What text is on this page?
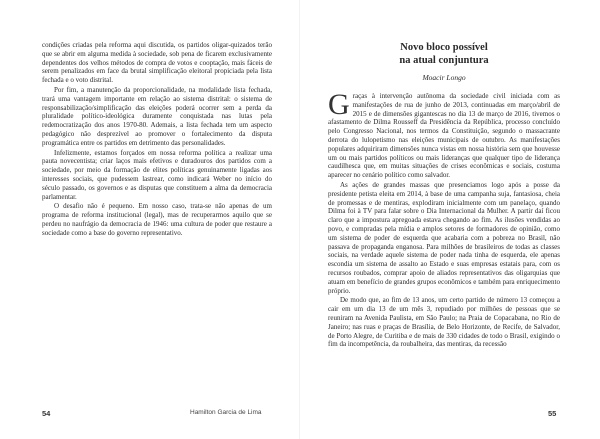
condições criadas pela reforma aqui discutida, os partidos oligar-quizados terão que se abrir em alguma medida à sociedade, sob pena de ficarem exclusivamente dependentes dos velhos métodos de compra de votos e cooptação, mais fáceis de serem penalizados em face da brutal simplificação eleitoral propiciada pela lista fechada e o voto distrital.

Por fim, a manutenção da proporcionalidade, na modalidade lista fechada, trará uma vantagem importante em relação ao sistema distrital: o sistema de responsabilização/simplificação das eleições poderá ocorrer sem a perda da pluralidade político-ideológica duramente conquistada nas lutas pela redemocratização dos anos 1970-80. Ademais, a lista fechada tem um aspecto pedagógico não desprezível ao promover o fortalecimento da disputa programática entre os partidos em detrimento das personalidades.

Infelizmente, estamos forçados em nossa reforma política a realizar uma pauta novecentista; criar laços mais efetivos e duradouros dos partidos com a sociedade, por meio da formação de elites políticas genuinamente ligadas aos interesses sociais, que pudessem lastrear, como indicará Weber no início do século passado, os governos e as disputas que constituem a alma da democracia parlamentar.

O desafio não é pequeno. Em nosso caso, trata-se não apenas de um programa de reforma institucional (legal), mas de recuperarmos aquilo que se perdeu no naufrágio da democracia de 1946: uma cultura de poder que restaure a sociedade como a base do governo representativo.

Novo bloco possível
na atual conjuntura
Moacir Longo

Graças à intervenção autônoma da sociedade civil iniciada com as manifestações de rua de junho de 2013, continuadas em março/abril de 2015 e de dimensões gigantescas no dia 13 de março de 2016, tivemos o afastamento de Dilma Rousseff da Presidência da República, processo concluído pelo Congresso Nacional, nos termos da Constituição, segundo o massacrante derrota do lulopetismo nas eleições municipais de outubro. As manifestações populares adquiriram dimensões nunca vistas em nossa história sem que houvesse um ou mais partidos políticos ou mais lideranças que qualquer tipo de liderança caudilhesca que, em muitas situações de crises econômicas e sociais, costuma aparecer no cenário político como salvador.

As ações de grandes massas que presenciamos logo após a posse da presidente petista eleita em 2014, à base de uma campanha suja, fantasiosa, cheia de promessas e de mentiras, explodiram inicialmente com um panelaço, quando Dilma foi à TV para falar sobre o Dia Internacional da Mulher. A partir daí ficou claro que a impostura apregoada estava chegando ao fim. As ilusões vendidas ao povo, e compradas pela mídia e amplos setores de formadores de opinião, como um sistema de poder de esquerda que acabaria com a pobreza no Brasil, não passava de propaganda enganosa. Para milhões de brasileiros de todas as classes sociais, na verdade aquele sistema de poder nada tinha de esquerda, ele apenas escondia um sistema de assalto ao Estado e suas empresas estatais para, com os recursos roubados, comprar apoio de aliados representativos das oligarquias que atuam em benefício de grandes grupos econômicos e também para enriquecimento próprio.

De modo que, ao fim de 13 anos, um certo partido de número 13 começou a cair em um dia 13 de um mês 3, repudiado por milhões de pessoas que se reuniram na Avenida Paulista, em São Paulo; na Praia de Copacabana, no Rio de Janeiro; nas ruas e praças de Brasília, de Belo Horizonte, de Recife, de Salvador, de Porto Alegre, de Curitiba e de mais de 330 cidades de todo o Brasil, exigindo o fim da incompetência, da roubalheira, das mentiras, da recessão

54	Hamilton Garcia de Lima	55
